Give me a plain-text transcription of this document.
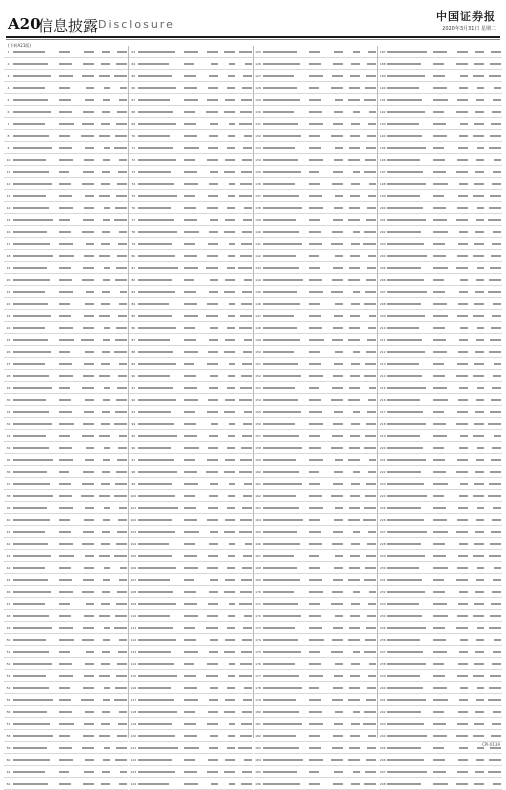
A20
信息披露 Disclosure
中国证券报
2020年3月31日 星期二
(下转A21版)
1
2
3
4
5
6
7
8
9
10
11
12
13
14
15
16
17
18
19
20
21
22
23
24
25
26
27
28
29
30
31
32
33
34
35
36
37
38
39
40
41
42
43
44
45
46
47
48
49
50
51
52
53
54
55
56
57
58
59
60
61
62
63
64
65
66
67
68
69
70
71
72
73
74
75
76
77
78
79
80
81
82
83
84
85
86
87
88
89
90
91
92
93
94
95
96
97
98
99
100
101
102
103
104
105
106
107
108
109
110
111
112
113
114
115
116
117
118
119
120
121
122
123
124
125
126
127
128
129
130
131
132
133
134
135
136
137
138
139
140
141
142
143
144
145
146
147
148
149
150
151
152
153
154
155
156
157
158
159
160
161
162
163
164
165
166
167
168
169
170
171
172
173
174
175
176
177
178
179
180
181
182
183
184
185
186
187
188
189
190
191
192
193
194
195
196
197
198
199
200
201
202
203
204
205
206
207
208
209
210
211
212
213
214
215
216
217
218
219
220
221
222
223
224
225
226
227
228
229
230
231
232
233
234
235
236
237
238
239
240
241
242
243
244
245
246
247
248
CPI-0139
